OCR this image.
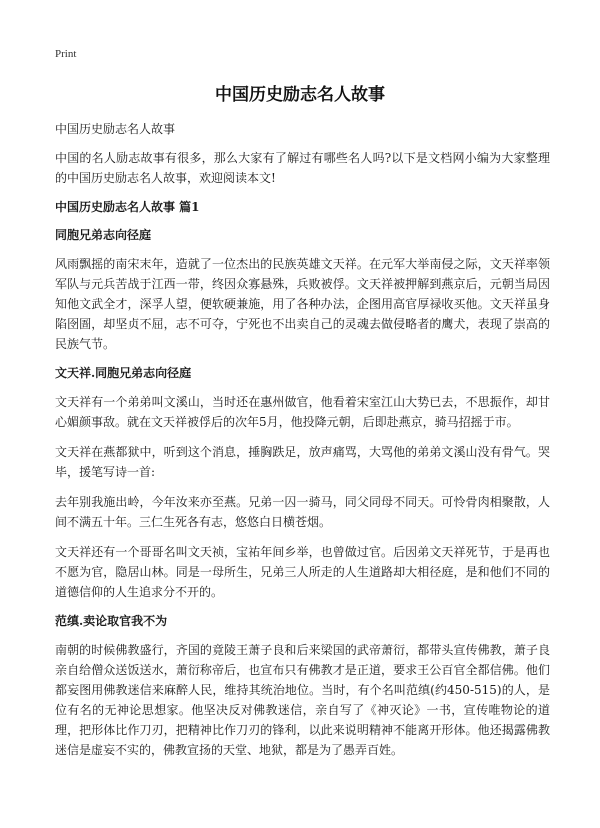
Print
中国历史励志名人故事
中国历史励志名人故事

中国的名人励志故事有很多，那么大家有了解过有哪些名人吗?以下是文档网小编为大家整理的中国历史励志名人故事，欢迎阅读本文!

中国历史励志名人故事 篇1
同胞兄弟志向径庭

风雨飘摇的南宋末年，造就了一位杰出的民族英雄文天祥。在元军大举南侵之际，文天祥率领军队与元兵苦战于江西一带，终因众寡悬殊，兵败被俘。文天祥被押解到燕京后，元朝当局因知他文武全才，深孚人望，便软硬兼施，用了各种办法，企图用高官厚禄收买他。文天祥虽身陷囹圄，却坚贞不屈，志不可夺，宁死也不出卖自己的灵魂去做侵略者的鹰犬，表现了崇高的民族气节。

文天祥.同胞兄弟志向径庭

文天祥有一个弟弟叫文溪山，当时还在惠州做官，他看着宋室江山大势已去，不思振作，却甘心媚颜事敌。就在文天祥被俘后的次年5月，他投降元朝，后即赴燕京，骑马招摇于市。

文天祥在燕都狱中，听到这个消息，捶胸跌足，放声痛骂，大骂他的弟弟文溪山没有骨气。哭毕，援笔写诗一首:

去年别我施出岭，今年汝来亦至燕。兄弟一囚一骑马，同父同母不同天。可怜骨肉相聚散，人间不满五十年。三仁生死各有志，悠悠白日横苍烟。

文天祥还有一个哥哥名叫文天祯，宝祐年间乡举，也曾做过官。后因弟文天祥死节，于是再也不愿为官，隐居山林。同是一母所生，兄弟三人所走的人生道路却大相径庭，是和他们不同的道德信仰的人生追求分不开的。

范缜.卖论取官我不为

南朝的时候佛教盛行，齐国的竟陵王萧子良和后来梁国的武帝萧衍，都带头宣传佛教，萧子良亲自给僧众送饭送水，萧衍称帝后，也宣布只有佛教才是正道，要求王公百官全都信佛。他们都妄图用佛教迷信来麻醉人民，维持其统治地位。当时，有个名叫范缜(约450-515)的人，是位有名的无神论思想家。他坚决反对佛教迷信，亲自写了《神灭论》一书，宣传唯物论的道理，把形体比作刀刃，把精神比作刀刃的锋利，以此来说明精神不能离开形体。他还揭露佛教迷信是虚妄不实的，佛教宣扬的天堂、地狱，都是为了愚弄百姓。
